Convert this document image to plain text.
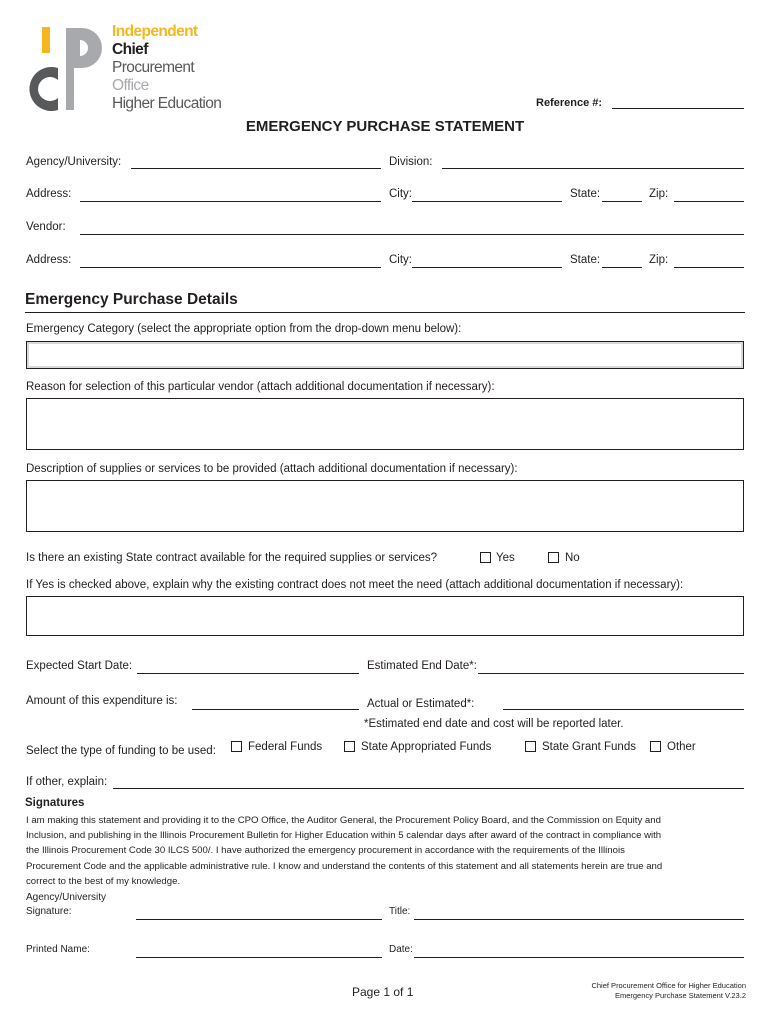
Independent
Chief
Procurement
Office
Higher Education	Reference #:
EMERGENCY PURCHASE STATEMENT
Agency/University:	Division:
Address:	City:	State:	Zip:
Vendor:
Address:	City:	State:	Zip:
Emergency Purchase Details
Emergency Category (select the appropriate option from the drop-down menu below):
Reason for selection of this particular vendor (attach additional documentation if necessary):
Description of supplies or services to be provided (attach additional documentation if necessary):
Is there an existing State contract available for the required supplies or services?	Yes	No
If Yes is checked above, explain why the existing contract does not meet the need (attach additional documentation if necessary):
Expected Start Date:	Estimated End Date*:
Amount of this expenditure is:	Actual or Estimated*:
*Estimated end date and cost will be reported later.
Select the type of funding to be used:	Federal Funds	State Appropriated Funds	State Grant Funds	Other
If other, explain:
Signatures
I am making this statement and providing it to the CPO Office, the Auditor General, the Procurement Policy Board, and the Commission on Equity and
Inclusion, and publishing in the Illinois Procurement Bulletin for Higher Education within 5 calendar days after award of the contract in compliance with
the Illinois Procurement Code 30 ILCS 500/. I have authorized the emergency procurement in accordance with the requirements of the Illinois
Procurement Code and the applicable administrative rule. I know and understand the contents of this statement and all statements herein are true and
correct to the best of my knowledge.
Agency/University
Signature:	Title:
Printed Name:	Date:
Page 1 of 1	Chief Procurement Office for Higher Education
Emergency Purchase Statement V.23.2
